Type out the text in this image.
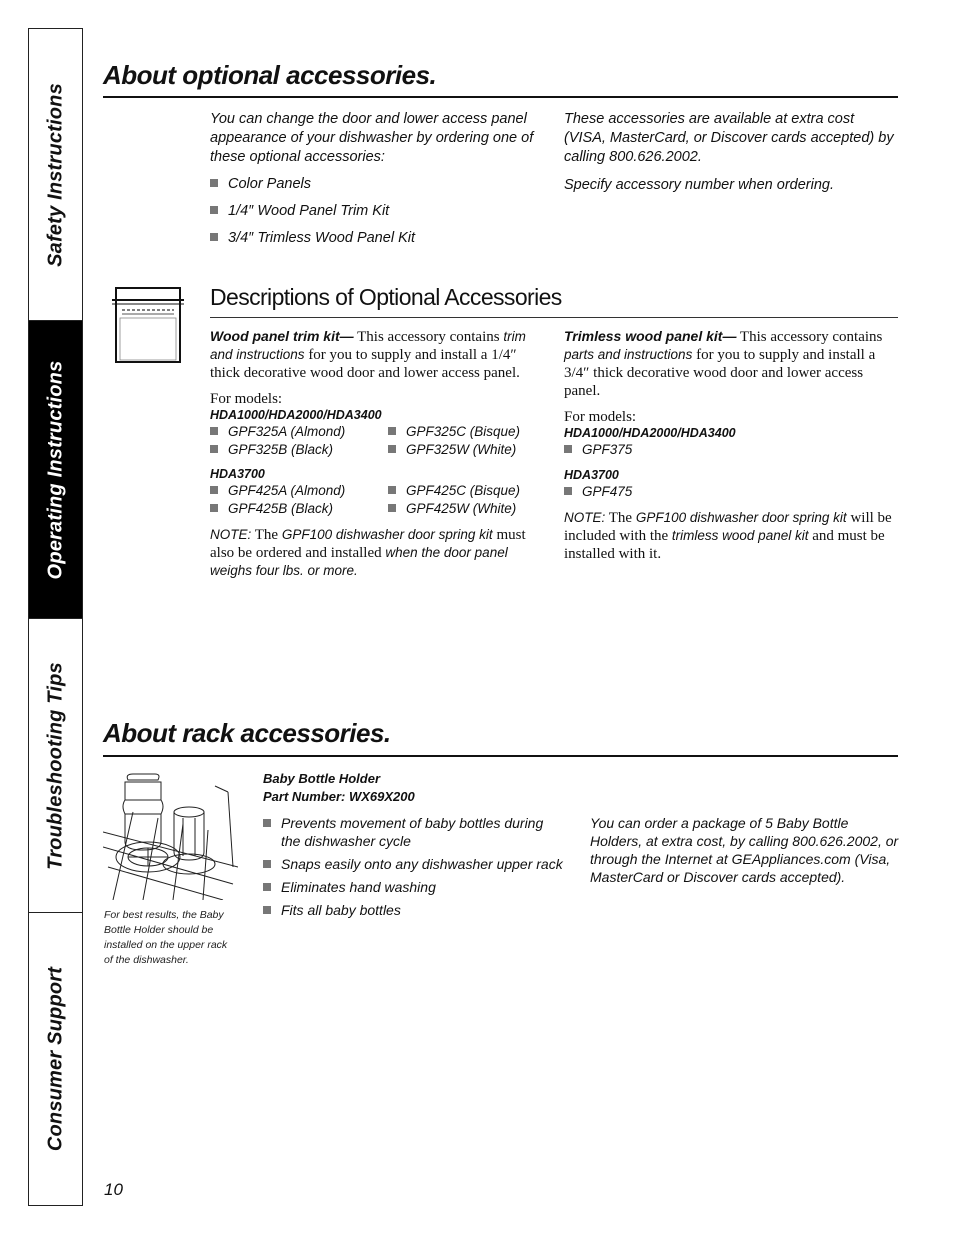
Safety Instructions
Operating Instructions
Troubleshooting Tips
Consumer Support
About optional accessories.
You can change the door and lower access panel appearance of your dishwasher by ordering one of these optional accessories:
Color Panels
1/4″ Wood Panel Trim Kit
3/4″ Trimless Wood Panel Kit
These accessories are available at extra cost (VISA, MasterCard, or Discover cards accepted) by calling 800.626.2002.
Specify accessory number when ordering.
Descriptions of Optional Accessories
Wood panel trim kit— This accessory contains trim and instructions for you to supply and install a 1/4″ thick decorative wood door and lower access panel.
For models:
HDA1000/HDA2000/HDA3400
GPF325A (Almond)	GPF325C (Bisque)
GPF325B (Black)	GPF325W (White)
HDA3700
GPF425A (Almond)	GPF425C (Bisque)
GPF425B (Black)	GPF425W (White)
NOTE: The GPF100 dishwasher door spring kit must also be ordered and installed when the door panel weighs four lbs. or more.
Trimless wood panel kit— This accessory contains parts and instructions for you to supply and install a 3/4″ thick decorative wood door and lower access panel.
For models:
HDA1000/HDA2000/HDA3400
GPF375
HDA3700
GPF475
NOTE: The GPF100 dishwasher door spring kit will be included with the trimless wood panel kit and must be installed with it.
About rack accessories.
For best results, the Baby Bottle Holder should be installed on the upper rack of the dishwasher.
Baby Bottle Holder
Part Number: WX69X200
Prevents movement of baby bottles during the dishwasher cycle
Snaps easily onto any dishwasher upper rack
Eliminates hand washing
Fits all baby bottles
You can order a package of 5 Baby Bottle Holders, at extra cost, by calling 800.626.2002, or through the Internet at GEAppliances.com (Visa, MasterCard or Discover cards accepted).
10
